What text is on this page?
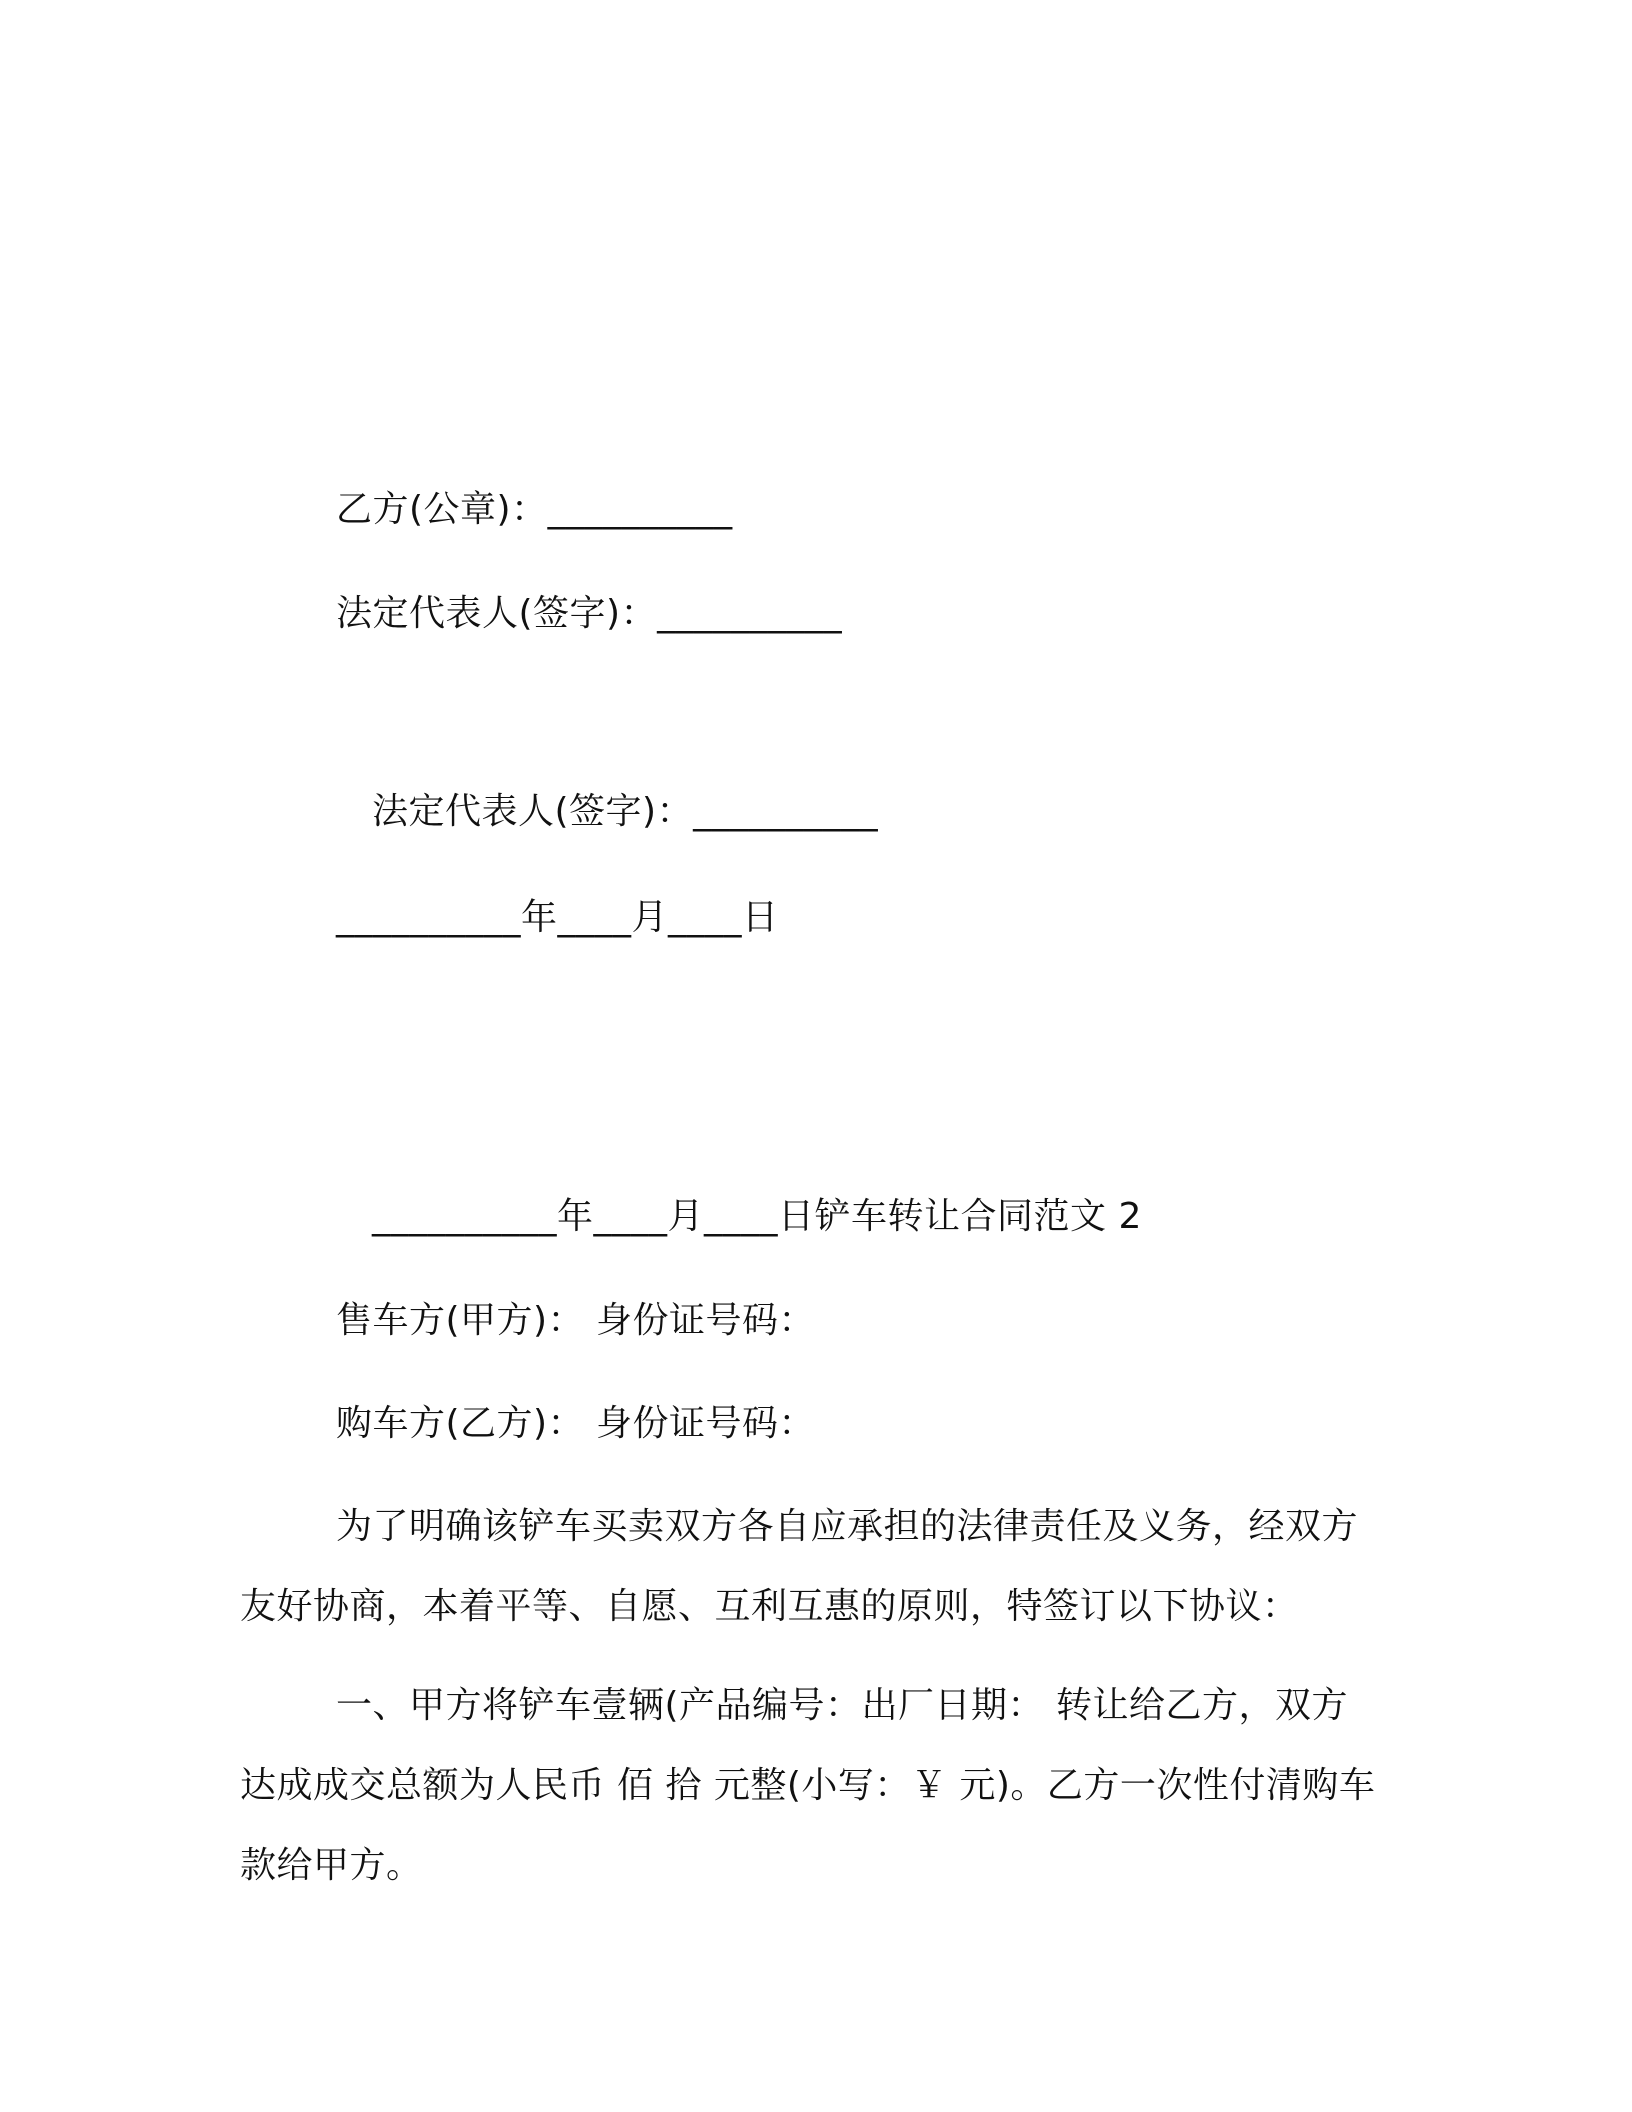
乙方(公章)：__________
法定代表人(签字)：__________
法定代表人(签字)：__________
__________年____月____日
__________年____月____日铲车转让合同范文 2
售车方(甲方)： 身份证号码：
购车方(乙方)： 身份证号码：
为了明确该铲车买卖双方各自应承担的法律责任及义务，经双方友好协商，本着平等、自愿、互利互惠的原则，特签订以下协议：
一、甲方将铲车壹辆(产品编号：出厂日期： 转让给乙方，双方达成成交总额为人民币 佰 拾 元整(小写：￥ 元)。乙方一次性付清购车款给甲方。
